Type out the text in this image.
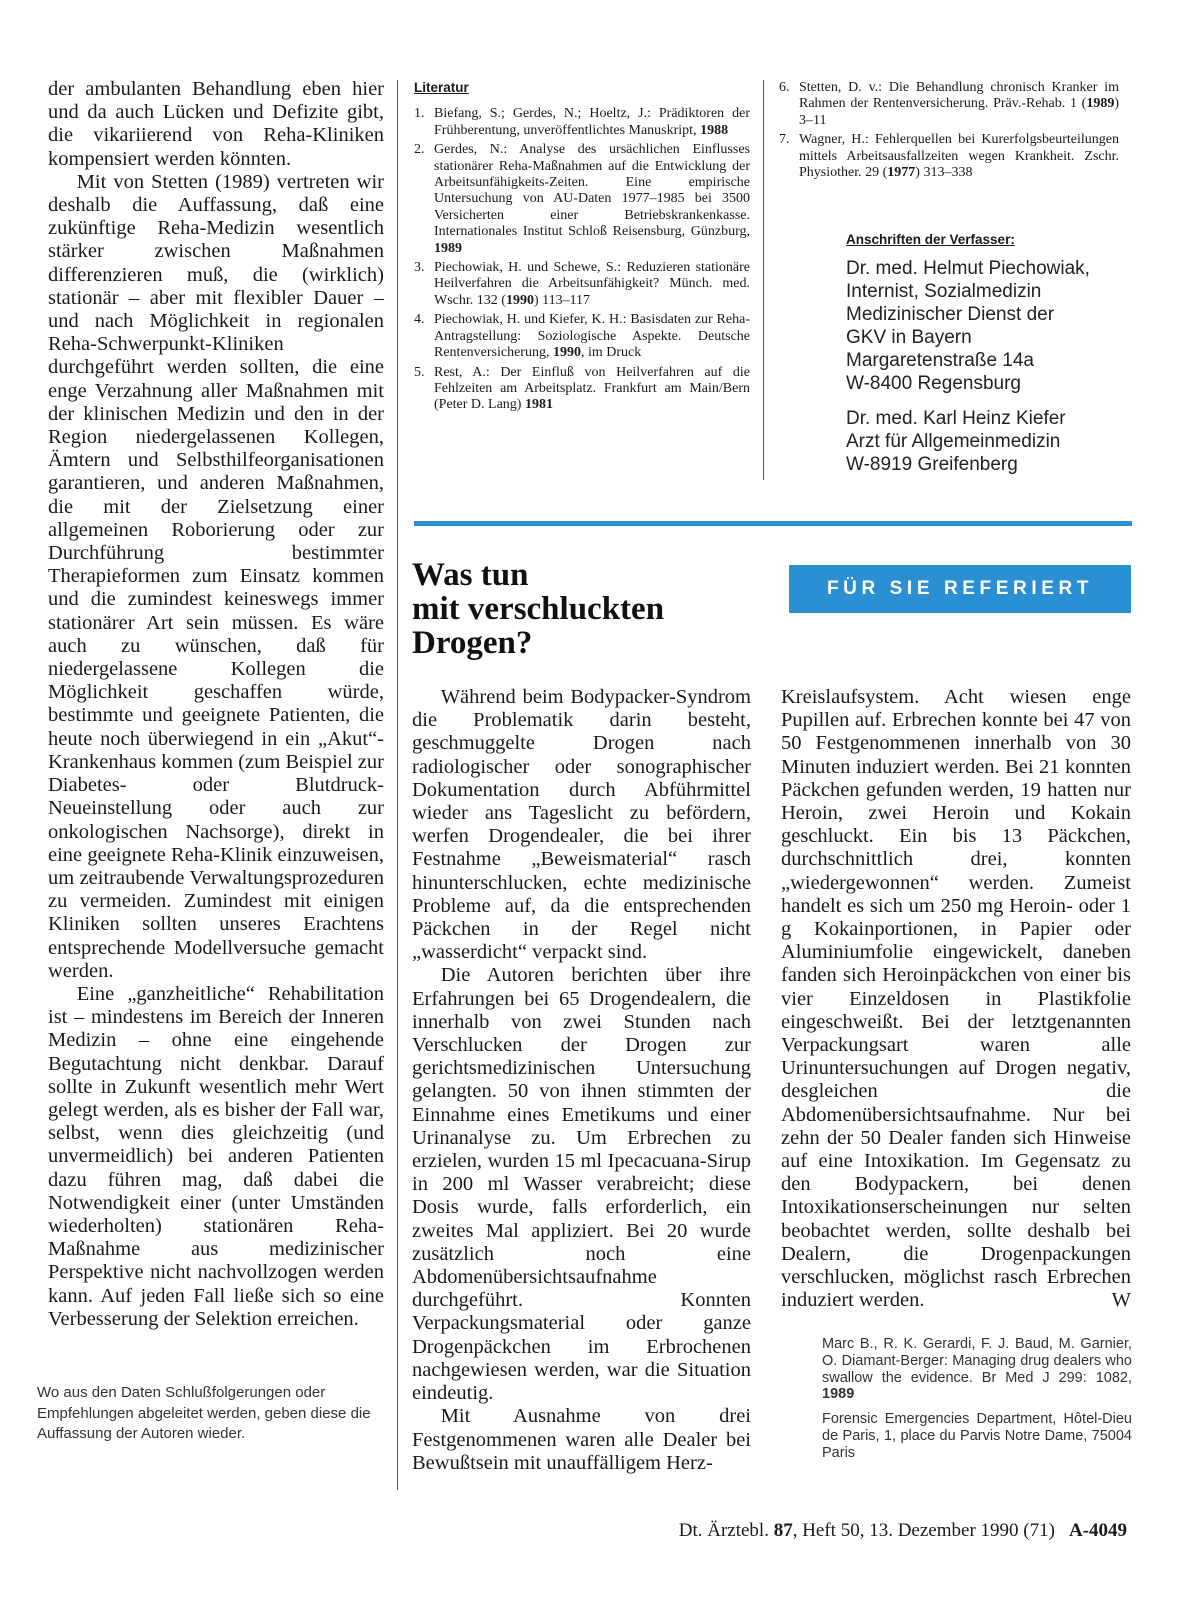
der ambulanten Behandlung eben hier und da auch Lücken und Defizite gibt, die vikariierend von Reha-Kliniken kompensiert werden könnten.

Mit von Stetten (1989) vertreten wir deshalb die Auffassung, daß eine zukünftige Reha-Medizin wesentlich stärker zwischen Maßnahmen differenzieren muß, die (wirklich) stationär – aber mit flexibler Dauer – und nach Möglichkeit in regionalen Reha-Schwerpunkt-Kliniken durchgeführt werden sollten, die eine enge Verzahnung aller Maßnahmen mit der klinischen Medizin und den in der Region niedergelassenen Kollegen, Ämtern und Selbsthilfeorganisationen garantieren, und anderen Maßnahmen, die mit der Zielsetzung einer allgemeinen Roborierung oder zur Durchführung bestimmter Therapieformen zum Einsatz kommen und die zumindest keineswegs immer stationärer Art sein müssen. Es wäre auch zu wünschen, daß für niedergelassene Kollegen die Möglichkeit geschaffen würde, bestimmte und geeignete Patienten, die heute noch überwiegend in ein „Akut“-Krankenhaus kommen (zum Beispiel zur Diabetes- oder Blutdruck-Neueinstellung oder auch zur onkologischen Nachsorge), direkt in eine geeignete Reha-Klinik einzuweisen, um zeitraubende Verwaltungsprozeduren zu vermeiden. Zumindest mit einigen Kliniken sollten unseres Erachtens entsprechende Modellversuche gemacht werden.

Eine „ganzheitliche“ Rehabilitation ist – mindestens im Bereich der Inneren Medizin – ohne eine eingehende Begutachtung nicht denkbar. Darauf sollte in Zukunft wesentlich mehr Wert gelegt werden, als es bisher der Fall war, selbst, wenn dies gleichzeitig (und unvermeidlich) bei anderen Patienten dazu führen mag, daß dabei die Notwendigkeit einer (unter Umständen wiederholten) stationären Reha-Maßnahme aus medizinischer Perspektive nicht nachvollzogen werden kann. Auf jeden Fall ließe sich so eine Verbesserung der Selektion erreichen.

Wo aus den Daten Schlußfolgerungen oder Empfehlungen abgeleitet werden, geben diese die Auffassung der Autoren wieder.
Literatur
1. Biefang, S.; Gerdes, N.; Hoeltz, J.: Prädiktoren der Frühberentung, unveröffentlichtes Manuskript, 1988
2. Gerdes, N.: Analyse des ursächlichen Einflusses stationärer Reha-Maßnahmen auf die Entwicklung der Arbeitsunfähigkeits-Zeiten. Eine empirische Untersuchung von AU-Daten 1977–1985 bei 3500 Versicherten einer Betriebskrankenkasse. Internationales Institut Schloß Reisensburg, Günzburg, 1989
3. Piechowiak, H. und Schewe, S.: Reduzieren stationäre Heilverfahren die Arbeitsunfähigkeit? Münch. med. Wschr. 132 (1990) 113–117
4. Piechowiak, H. und Kiefer, K. H.: Basisdaten zur Reha-Antragstellung: Soziologische Aspekte. Deutsche Rentenversicherung, 1990, im Druck
5. Rest, A.: Der Einfluß von Heilverfahren auf die Fehlzeiten am Arbeitsplatz. Frankfurt am Main/Bern (Peter D. Lang) 1981
6. Stetten, D. v.: Die Behandlung chronisch Kranker im Rahmen der Rentenversicherung. Präv.-Rehab. 1 (1989) 3–11
7. Wagner, H.: Fehlerquellen bei Kurerfolgsbeurteilungen mittels Arbeitsausfallzeiten wegen Krankheit. Zschr. Physiother. 29 (1977) 313–338
Anschriften der Verfasser:
Dr. med. Helmut Piechowiak,
Internist, Sozialmedizin
Medizinischer Dienst der
GKV in Bayern
Margaretenstraße 14a
W-8400 Regensburg
Dr. med. Karl Heinz Kiefer
Arzt für Allgemeinmedizin
W-8919 Greifenberg
Was tun
mit verschluckten
Drogen?
FÜR SIE REFERIERT

Während beim Bodypacker-Syndrom die Problematik darin besteht, geschmuggelte Drogen nach radiologischer oder sonographischer Dokumentation durch Abführmittel wieder ans Tageslicht zu befördern, werfen Drogendealer, die bei ihrer Festnahme „Beweismaterial“ rasch hinunterschlucken, echte medizinische Probleme auf, da die entsprechenden Päckchen in der Regel nicht „wasserdicht“ verpackt sind.

Die Autoren berichten über ihre Erfahrungen bei 65 Drogendealern, die innerhalb von zwei Stunden nach Verschlucken der Drogen zur gerichtsmedizinischen Untersuchung gelangten. 50 von ihnen stimmten der Einnahme eines Emetikums und einer Urinanalyse zu. Um Erbrechen zu erzielen, wurden 15 ml Ipecacuana-Sirup in 200 ml Wasser verabreicht; diese Dosis wurde, falls erforderlich, ein zweites Mal appliziert. Bei 20 wurde zusätzlich noch eine Abdomenübersichtsaufnahme durchgeführt. Konnten Verpackungsmaterial oder ganze Drogenpäckchen im Erbrochenen nachgewiesen werden, war die Situation eindeutig.

Mit Ausnahme von drei Festgenommenen waren alle Dealer bei Bewußtsein mit unauffälligem Herz-

Kreislaufsystem. Acht wiesen enge Pupillen auf. Erbrechen konnte bei 47 von 50 Festgenommenen innerhalb von 30 Minuten induziert werden. Bei 21 konnten Päckchen gefunden werden, 19 hatten nur Heroin, zwei Heroin und Kokain geschluckt. Ein bis 13 Päckchen, durchschnittlich drei, konnten „wiedergewonnen“ werden. Zumeist handelt es sich um 250 mg Heroin- oder 1 g Kokainportionen, in Papier oder Aluminiumfolie eingewickelt, daneben fanden sich Heroinpäckchen von einer bis vier Einzeldosen in Plastikfolie eingeschweißt. Bei der letztgenannten Verpackungsart waren alle Urinuntersuchungen auf Drogen negativ, desgleichen die Abdomenübersichtsaufnahme. Nur bei zehn der 50 Dealer fanden sich Hinweise auf eine Intoxikation. Im Gegensatz zu den Bodypackern, bei denen Intoxikationserscheinungen nur selten beobachtet werden, sollte deshalb bei Dealern, die Drogenpackungen verschlucken, möglichst rasch Erbrechen induziert werden.	W

Marc B., R. K. Gerardi, F. J. Baud, M. Garnier, O. Diamant-Berger: Managing drug dealers who swallow the evidence. Br Med J 299: 1082, 1989

Forensic Emergencies Department, Hôtel-Dieu de Paris, 1, place du Parvis Notre Dame, 75004 Paris

Dt. Ärztebl. 87, Heft 50, 13. Dezember 1990 (71) A-4049
